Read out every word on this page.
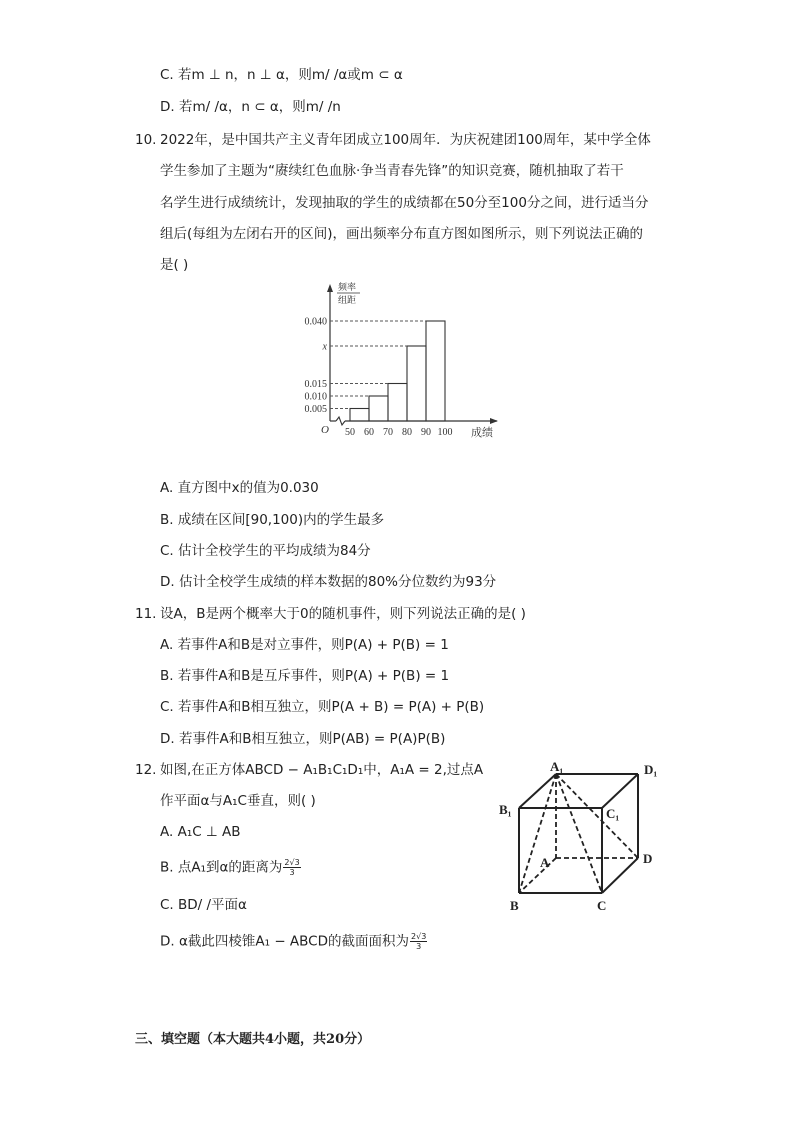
C. 若m ⊥ n，n ⊥ α，则m/ /α或m ⊂ α
D. 若m/ /α，n ⊂ α，则m/ /n
10. 2022年，是中国共产主义青年团成立100周年．为庆祝建团100周年，某中学全体
学生参加了主题为“赓续红色血脉·争当青春先锋”的知识竞赛，随机抽取了若干
名学生进行成绩统计，发现抽取的学生的成绩都在50分至100分之间，进行适当分
组后(每组为左闭右开的区间)，画出频率分布直方图如图所示，则下列说法正确的
是( )
0.005
0.010
0.015
x
0.040
50 60 70 80 90 100
O	成绩
频率
组距
A. 直方图中x的值为0.030
B. 成绩在区间[90,100)内的学生最多
C. 估计全校学生的平均成绩为84分
D. 估计全校学生成绩的样本数据的80%分位数约为93分
11. 设A，B是两个概率大于0的随机事件，则下列说法正确的是( )
A. 若事件A和B是对立事件，则P(A) + P(B) = 1
B. 若事件A和B是互斥事件，则P(A) + P(B) = 1
C. 若事件A和B相互独立，则P(A + B) = P(A) + P(B)
D. 若事件A和B相互独立，则P(AB) = P(A)P(B)
12. 如图,在正方体ABCD − A₁B₁C₁D₁中，A₁A = 2,过点A
作平面α与A₁C垂直，则( )
A. A₁C ⊥ AB
B. 点A₁到α的距离为 $\frac{2√3}{3}$
C. BD/ /平面α
D. α截此四棱锥A₁ − ABCD的截面面积为 $\frac{2√3}{3}$
A₁	D₁
B₁	C₁
A	D
B	C
三、填空题（本大题共4小题，共20分）
